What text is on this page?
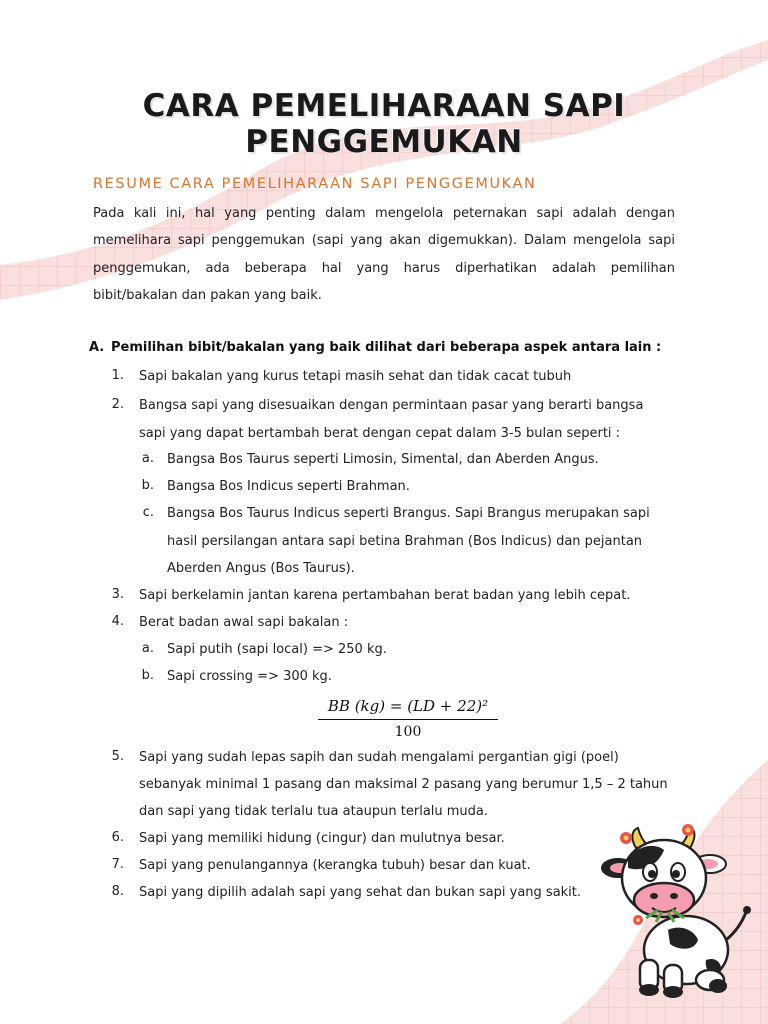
CARA PEMELIHARAAN SAPI PENGGEMUKAN
RESUME CARA PEMELIHARAAN SAPI PENGGEMUKAN
Pada kali ini, hal yang penting dalam mengelola peternakan sapi adalah dengan memelihara sapi penggemukan (sapi yang akan digemukkan). Dalam mengelola sapi penggemukan, ada beberapa hal yang harus diperhatikan adalah pemilihan bibit/bakalan dan pakan yang baik.
A. Pemilihan bibit/bakalan yang baik dilihat dari beberapa aspek antara lain :
1. Sapi bakalan yang kurus tetapi masih sehat dan tidak cacat tubuh
2. Bangsa sapi yang disesuaikan dengan permintaan pasar yang berarti bangsa
sapi yang dapat bertambah berat dengan cepat dalam 3-5 bulan seperti :
a. Bangsa Bos Taurus seperti Limosin, Simental, dan Aberden Angus.
b. Bangsa Bos Indicus seperti Brahman.
c. Bangsa Bos Taurus Indicus seperti Brangus. Sapi Brangus merupakan sapi
hasil persilangan antara sapi betina Brahman (Bos Indicus) dan pejantan
Aberden Angus (Bos Taurus).
3. Sapi berkelamin jantan karena pertambahan berat badan yang lebih cepat.
4. Berat badan awal sapi bakalan :
a. Sapi putih (sapi local) => 250 kg.
b. Sapi crossing => 300 kg.
BB (kg) = (LD + 22)²
100
5. Sapi yang sudah lepas sapih dan sudah mengalami pergantian gigi (poel)
sebanyak minimal 1 pasang dan maksimal 2 pasang yang berumur 1,5 – 2 tahun
dan sapi yang tidak terlalu tua ataupun terlalu muda.
6. Sapi yang memiliki hidung (cingur) dan mulutnya besar.
7. Sapi yang penulangannya (kerangka tubuh) besar dan kuat.
8. Sapi yang dipilih adalah sapi yang sehat dan bukan sapi yang sakit.
